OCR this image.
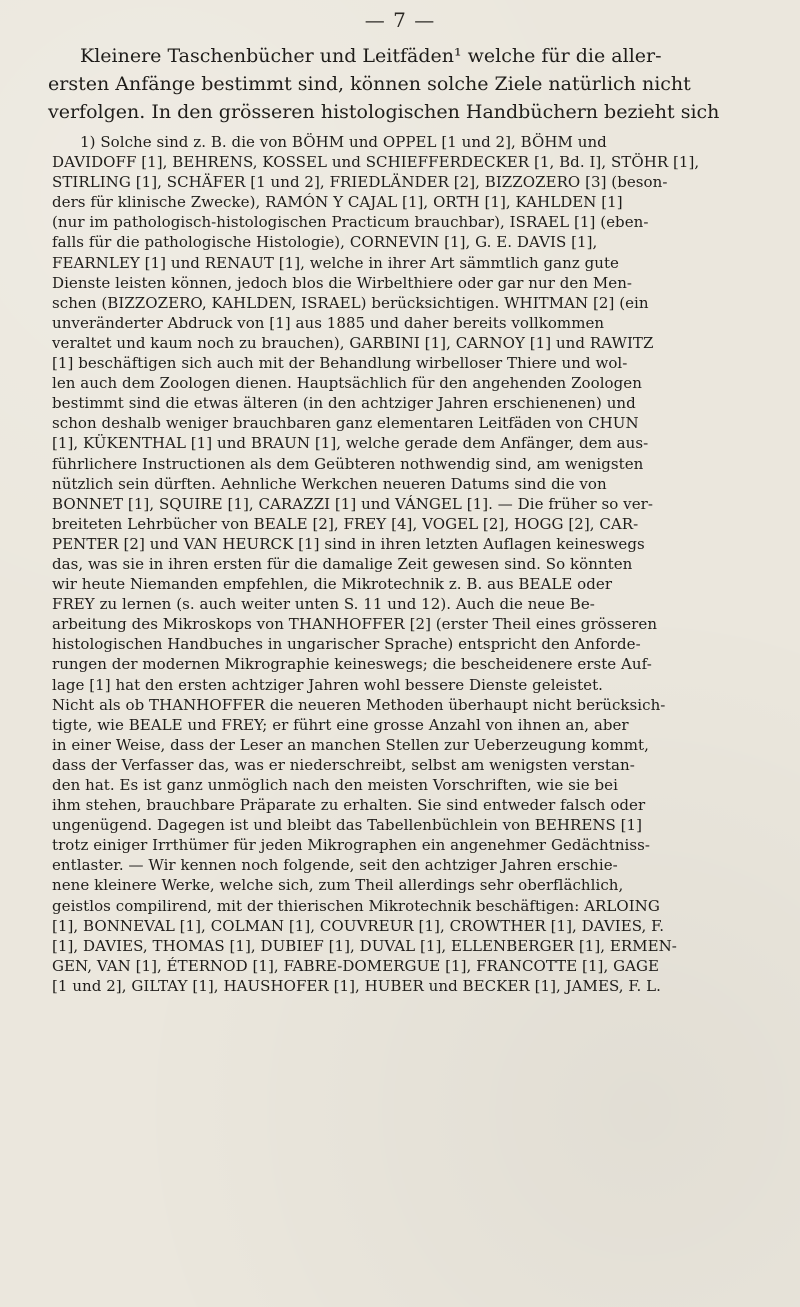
— 7 —

Kleinere Taschenbücher und Leitfäden¹ welche für die aller-

ersten Anfänge bestimmt sind, können solche Ziele natürlich nicht

verfolgen. In den grösseren histologischen Handbüchern bezieht sich

1) Solche sind z. B. die von BÖHM und OPPEL [1 und 2], BÖHM und

DAVIDOFF [1], BEHRENS, KOSSEL und SCHIEFFERDECKER [1, Bd. I], STÖHR [1],

STIRLING [1], SCHÄFER [1 und 2], FRIEDLÄNDER [2], BIZZOZERO [3] (beson-

ders für klinische Zwecke), RAMÓN Y CAJAL [1], ORTH [1], KAHLDEN [1]

(nur im pathologisch-histologischen Practicum brauchbar), ISRAEL [1] (eben-

falls für die pathologische Histologie), CORNEVIN [1], G. E. DAVIS [1],

FEARNLEY [1] und RENAUT [1], welche in ihrer Art sämmtlich ganz gute

Dienste leisten können, jedoch blos die Wirbelthiere oder gar nur den Men-

schen (BIZZOZERO, KAHLDEN, ISRAEL) berücksichtigen. WHITMAN [2] (ein

unveränderter Abdruck von [1] aus 1885 und daher bereits vollkommen

veraltet und kaum noch zu brauchen), GARBINI [1], CARNOY [1] und RAWITZ

[1] beschäftigen sich auch mit der Behandlung wirbelloser Thiere und wol-

len auch dem Zoologen dienen. Hauptsächlich für den angehenden Zoologen

bestimmt sind die etwas älteren (in den achtziger Jahren erschienenen) und

schon deshalb weniger brauchbaren ganz elementaren Leitfäden von CHUN

[1], KÜKENTHAL [1] und BRAUN [1], welche gerade dem Anfänger, dem aus-

führlichere Instructionen als dem Geübteren nothwendig sind, am wenigsten

nützlich sein dürften. Aehnliche Werkchen neueren Datums sind die von

BONNET [1], SQUIRE [1], CARAZZI [1] und VÁNGEL [1]. — Die früher so ver-

breiteten Lehrbücher von BEALE [2], FREY [4], VOGEL [2], HOGG [2], CAR-

PENTER [2] und VAN HEURCK [1] sind in ihren letzten Auflagen keineswegs

das, was sie in ihren ersten für die damalige Zeit gewesen sind. So könnten

wir heute Niemanden empfehlen, die Mikrotechnik z. B. aus BEALE oder

FREY zu lernen (s. auch weiter unten S. 11 und 12). Auch die neue Be-

arbeitung des Mikroskops von THANHOFFER [2] (erster Theil eines grösseren

histologischen Handbuches in ungarischer Sprache) entspricht den Anforde-

rungen der modernen Mikrographie keineswegs; die bescheidenere erste Auf-

lage [1] hat den ersten achtziger Jahren wohl bessere Dienste geleistet.

Nicht als ob THANHOFFER die neueren Methoden überhaupt nicht berücksich-

tigte, wie BEALE und FREY; er führt eine grosse Anzahl von ihnen an, aber

in einer Weise, dass der Leser an manchen Stellen zur Ueberzeugung kommt,

dass der Verfasser das, was er niederschreibt, selbst am wenigsten verstan-

den hat. Es ist ganz unmöglich nach den meisten Vorschriften, wie sie bei

ihm stehen, brauchbare Präparate zu erhalten. Sie sind entweder falsch oder

ungenügend. Dagegen ist und bleibt das Tabellenbüchlein von BEHRENS [1]

trotz einiger Irrthümer für jeden Mikrographen ein angenehmer Gedächtniss-

entlaster. — Wir kennen noch folgende, seit den achtziger Jahren erschie-

nene kleinere Werke, welche sich, zum Theil allerdings sehr oberflächlich,

geistlos compilirend, mit der thierischen Mikrotechnik beschäftigen: ARLOING

[1], BONNEVAL [1], COLMAN [1], COUVREUR [1], CROWTHER [1], DAVIES, F.

[1], DAVIES, THOMAS [1], DUBIEF [1], DUVAL [1], ELLENBERGER [1], ERMEN-

GEN, VAN [1], ÉTERNOD [1], FABRE-DOMERGUE [1], FRANCOTTE [1], GAGE

[1 und 2], GILTAY [1], HAUSHOFER [1], HUBER und BECKER [1], JAMES, F. L.
